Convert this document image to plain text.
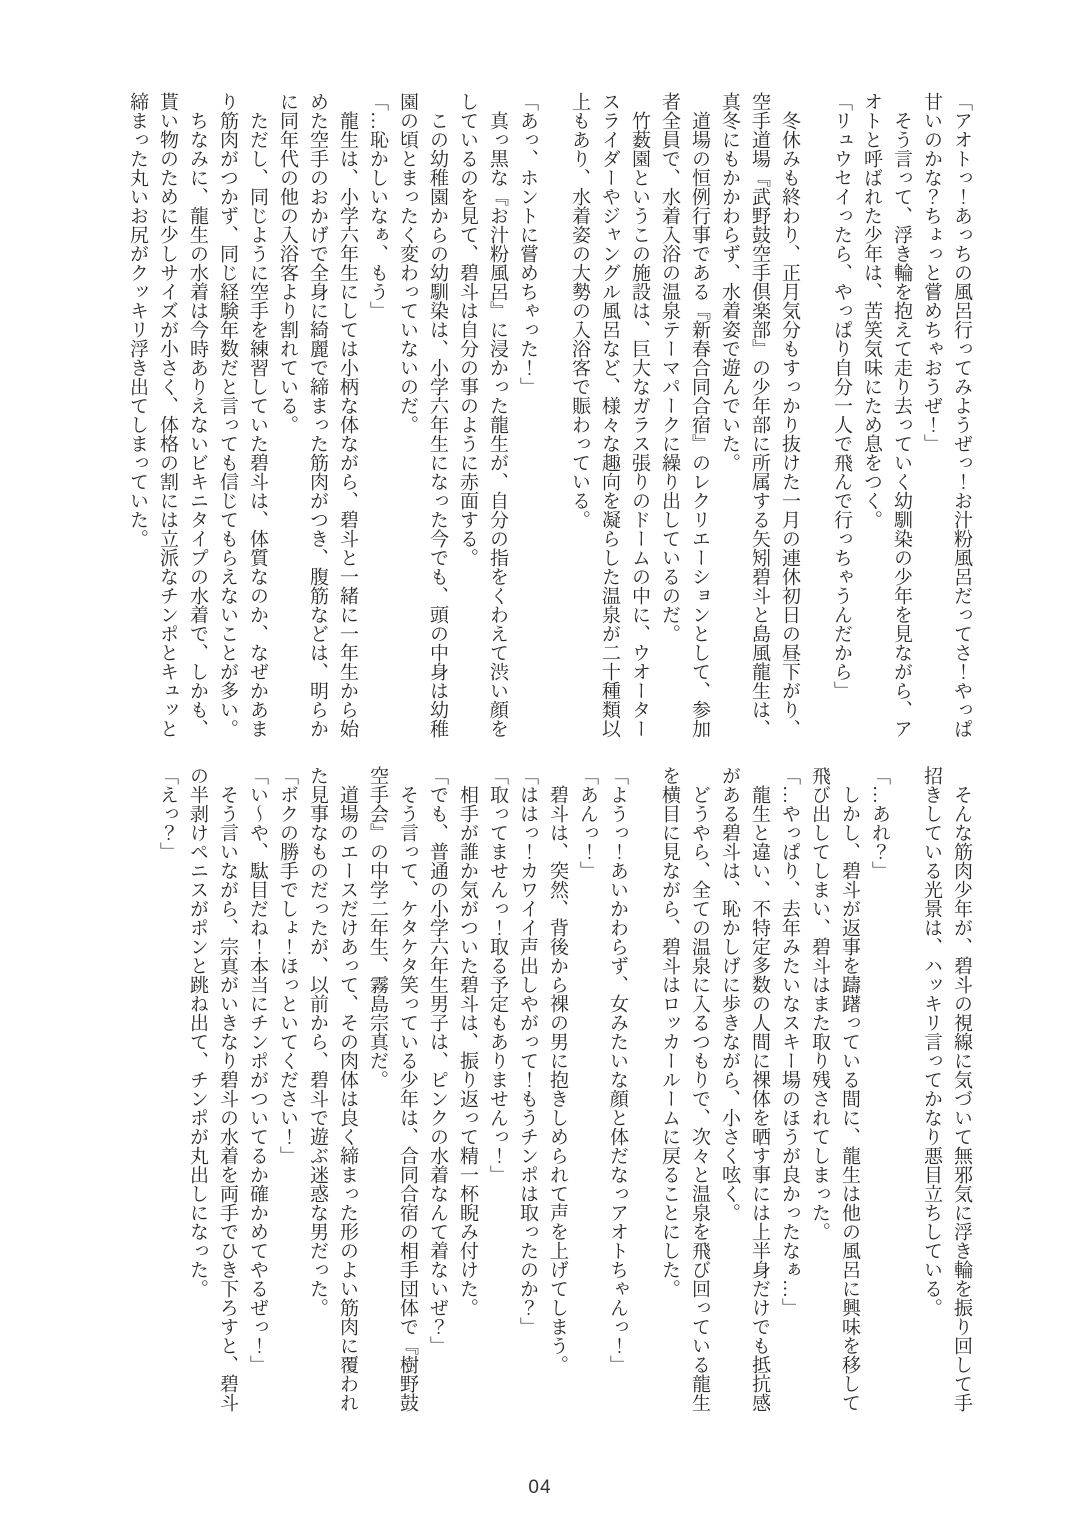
「アオトっ！あっちの風呂行ってみようぜっ！お汁粉風呂だってさ！やっぱ甘いのかな？ちょっと嘗めちゃおうぜ！」

　そう言って、浮き輪を抱えて走り去っていく幼馴染の少年を見ながら、アオトと呼ばれた少年は、苦笑気味にため息をつく。

「リュウセイったら、やっぱり自分一人で飛んで行っちゃうんだから」

　冬休みも終わり、正月気分もすっかり抜けた一月の連休初日の昼下がり、空手道場『武野鼓空手倶楽部』の少年部に所属する矢矧碧斗と島風龍生は、真冬にもかかわらず、水着姿で遊んでいた。

　道場の恒例行事である『新春合同合宿』のレクリエーションとして、参加者全員で、水着入浴の温泉テーマパークに繰り出しているのだ。

　竹薮園というこの施設は、巨大なガラス張りのドームの中に、ウオータースライダーやジャングル風呂など、様々な趣向を凝らした温泉が二十種類以上もあり、水着姿の大勢の入浴客で賑わっている。

「あっ、ホントに嘗めちゃった！」

　真っ黒な『お汁粉風呂』に浸かった龍生が、自分の指をくわえて渋い顔をしているのを見て、碧斗は自分の事のように赤面する。

　この幼稚園からの幼馴染は、小学六年生になった今でも、頭の中身は幼稚園の頃とまったく変わっていないのだ。

「…恥かしいなぁ、もう」

　龍生は、小学六年生にしては小柄な体ながら、碧斗と一緒に一年生から始めた空手のおかげで全身に綺麗で締まった筋肉がつき、腹筋などは、明らかに同年代の他の入浴客より割れている。

　ただし、同じように空手を練習していた碧斗は、体質なのか、なぜかあまり筋肉がつかず、同じ経験年数だと言っても信じてもらえないことが多い。

　ちなみに、龍生の水着は今時ありえないビキニタイプの水着で、しかも、貰い物のために少しサイズが小さく、体格の割には立派なチンポとキュッと締まった丸いお尻がクッキリ浮き出てしまっていた。

　そんな筋肉少年が、碧斗の視線に気づいて無邪気に浮き輪を振り回して手招きしている光景は、ハッキリ言ってかなり悪目立ちしている。

「…あれ？」

　しかし、碧斗が返事を躊躇っている間に、龍生は他の風呂に興味を移して飛び出してしまい、碧斗はまた取り残されてしまった。

「…やっぱり、去年みたいなスキー場のほうが良かったなぁ…」

　龍生と違い、不特定多数の人間に裸体を晒す事には上半身だけでも抵抗感がある碧斗は、恥かしげに歩きながら、小さく呟く。

　どうやら、全ての温泉に入るつもりで、次々と温泉を飛び回っている龍生を横目に見ながら、碧斗はロッカールームに戻ることにした。

「ようっ！あいかわらず、女みたいな顔と体だなっアオトちゃんっ！」

「あんっ！」

　碧斗は、突然、背後から裸の男に抱きしめられて声を上げてしまう。

「ははっ！カワイイ声出しやがって！もうチンポは取ったのか？」

「取ってませんっ！取る予定もありませんっ！」

　相手が誰か気がついた碧斗は、振り返って精一杯睨み付けた。

「でも、普通の小学六年生男子は、ピンクの水着なんて着ないぜ？」

　そう言って、ケタケタ笑っている少年は、合同合宿の相手団体で『樹野鼓空手会』の中学二年生、霧島宗真だ。

　道場のエースだけあって、その肉体は良く締まった形のよい筋肉に覆われた見事なものだったが、以前から、碧斗で遊ぶ迷惑な男だった。

「ボクの勝手でしょ！ほっといてください！」

「い〜や、駄目だね！本当にチンポがついてるか確かめてやるぜっ！」

　そう言いながら、宗真がいきなり碧斗の水着を両手でひき下ろすと、碧斗の半剥けペニスがポンと跳ね出て、チンポが丸出しになった。

「えっ？」

04
